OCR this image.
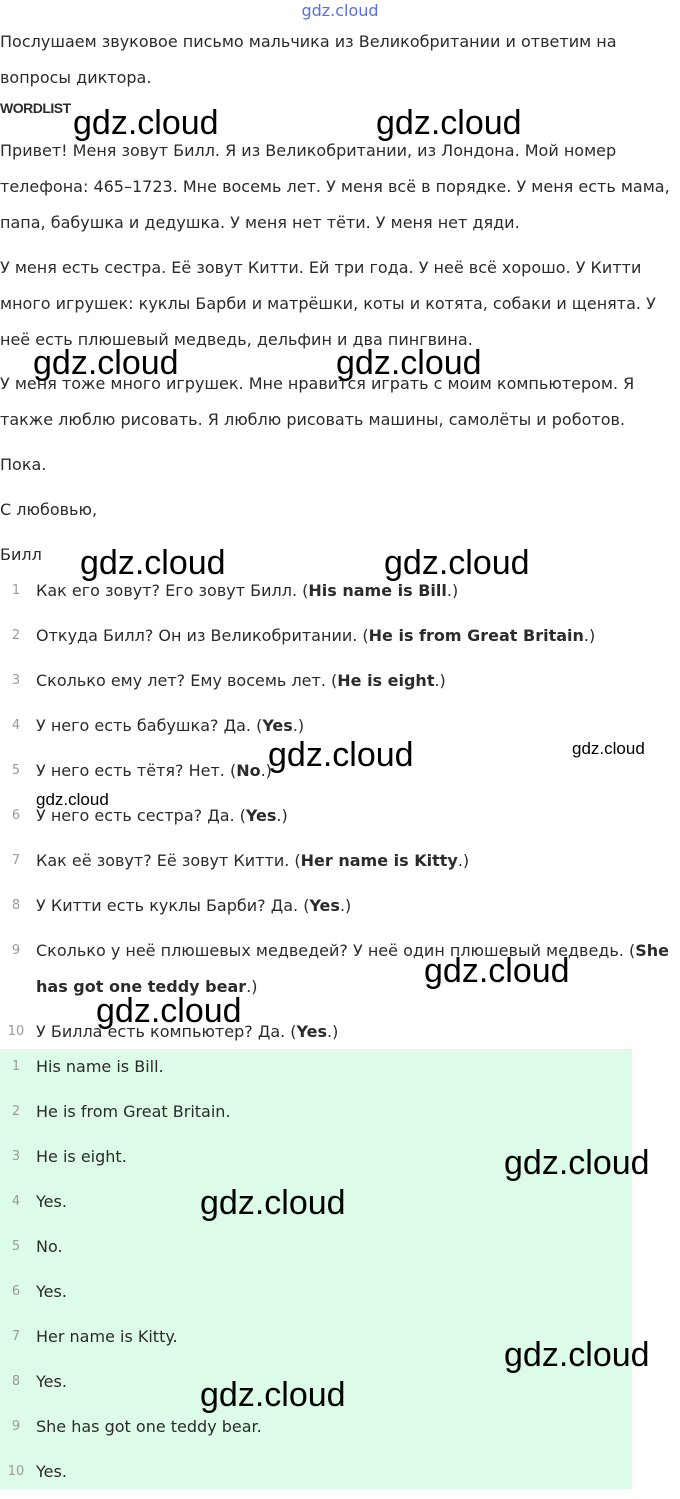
gdz.cloud
Послушаем звуковое письмо мальчика из Великобритании и ответим на вопросы диктора.
WORDLIST
Привет! Меня зовут Билл. Я из Великобритании, из Лондона. Мой номер телефона: 465–1723. Мне восемь лет. У меня всё в порядке. У меня есть мама, папа, бабушка и дедушка. У меня нет тёти. У меня нет дяди.
У меня есть сестра. Её зовут Китти. Ей три года. У неё всё хорошо. У Китти много игрушек: куклы Барби и матрёшки, коты и котята, собаки и щенята. У неё есть плюшевый медведь, дельфин и два пингвина.
У меня тоже много игрушек. Мне нравится играть с моим компьютером. Я также люблю рисовать. Я люблю рисовать машины, самолёты и роботов.
Пока.
С любовью,
Билл
1 Как его зовут? Его зовут Билл. (His name is Bill.)
2 Откуда Билл? Он из Великобритании. (He is from Great Britain.)
3 Сколько ему лет? Ему восемь лет. (He is eight.)
4 У него есть бабушка? Да. (Yes.)
5 У него есть тётя? Нет. (No.)
6 У него есть сестра? Да. (Yes.)
7 Как её зовут? Её зовут Китти. (Her name is Kitty.)
8 У Китти есть куклы Барби? Да. (Yes.)
9 Сколько у неё плюшевых медведей? У неё один плюшевый медведь. (She has got one teddy bear.)
10 У Билла есть компьютер? Да. (Yes.)
1 His name is Bill.
2 He is from Great Britain.
3 He is eight.
4 Yes.
5 No.
6 Yes.
7 Her name is Kitty.
8 Yes.
9 She has got one teddy bear.
10 Yes.
gdz.cloud	gdz.cloud
gdz.cloud	gdz.cloud
gdz.cloud	gdz.cloud
gdz.cloud	gdz.cloud
gdz.cloud
gdz.cloud
gdz.cloud
gdz.cloud
gdz.cloud
gdz.cloud
gdz.cloud
